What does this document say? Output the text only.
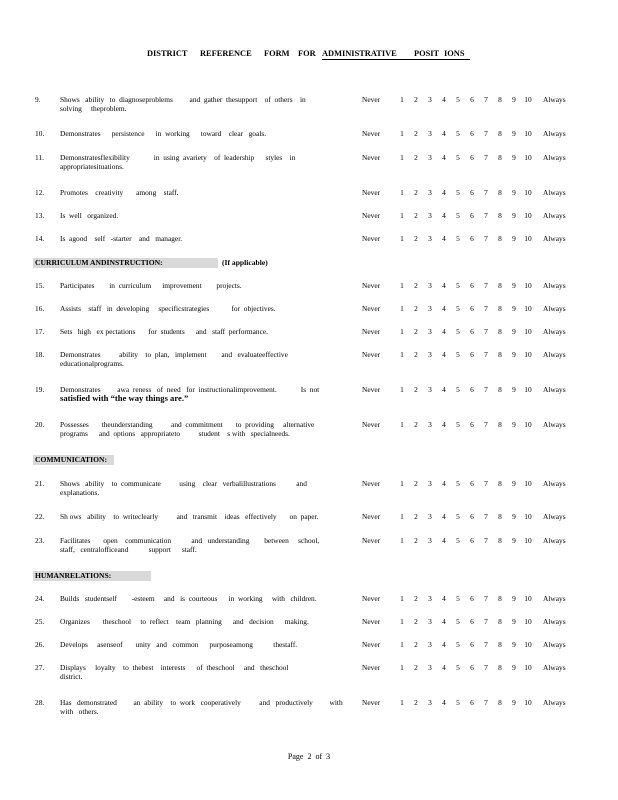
DISTRICT REFERENCE FORM FOR ADMINISTRATIVE POSIT IONS
9.	Shows   ability   to  diagnoseproblems         and  gather  thesupport    of  others    in
solving     theproblem.
Never	1	2	3	4	5	6	7	8	9	10 Always
10. Demonstrates      persistence      in  working      toward    clear   goals.	Never	1	2	3	4	5	6	7	8	9	10 Always
11. Demonstratesflexibility             in  using  avariety    of  leadership      styles    in
appropriatesituations.
Never	1	2	3	4	5	6	7	8	9	10 Always
12. Promotes    creativity       among    staff.	Never	1	2	3	4	5	6	7	8	9	10 Always
13. Is  well   organized.	Never	1	2	3	4	5	6	7	8	9	10 Always
14. Is  agood    self   -starter    and   manager.	Never	1	2	3	4	5	6	7	8	9	10 Always
15. Participates        in  curriculum      improvement        projects.	Never	1	2	3	4	5	6	7	8	9	10 Always
16. Assists    staff   in  developing     specificstrategies            for  objectives.	Never	1	2	3	4	5	6	7	8	9	10 Always
17. Sets   high   ex pectations       for  students      and   staff  performance.	Never	1	2	3	4	5	6	7	8	9	10 Always
18. Demonstrates          ability    to  plan,   implement        and   evaluateeffective
educationalprograms.
Never	1	2	3	4	5	6	7	8	9	10 Always
19. Demonstrates         awa  reness   of  need   for  instructionalimprovement.             Is  not
satisfied with “the way things are.”
Never	1	2	3	4	5	6	7	8	9	10 Always
20. Possesses       theunderstanding          and  commitment       to  providing     alternative
programs      and  options   appropriateto          student    s with   specialneeds.
Never	1	2	3	4	5	6	7	8	9	10 Always
21. Shows   ability    to  communicate          using    clear   verbalillustrations           and
explanations.
Never	1	2	3	4	5	6	7	8	9	10 Always
22. Sh ows   ability    to  writeclearly          and   transmit    ideas   effectively       on  paper.	Never	1	2	3	4	5	6	7	8	9	10 Always
23. Facilitates       open    communication           and   understanding        between     school,
staff,   centralofficeand           support      staff.
Never	1	2	3	4	5	6	7	8	9	10 Always
24. Builds   studentself        -esteem     and   is  courteous      in  working     with   children.	Never	1	2	3	4	5	6	7	8	9	10 Always
25. Organizes       theschool     to  reflect    team   planning      and   decision      making.	Never	1	2	3	4	5	6	7	8	9	10 Always
26. Develops     asenseof       unity   and   common      purposeamong           thestaff.	Never	1	2	3	4	5	6	7	8	9	10 Always
27. Displays     loyalty    to  thebest    interests      of  theschool     and   theschool
district.
Never	1	2	3	4	5	6	7	8	9	10 Always
28. Has   demonstrated         an  ability    to  work   cooperatively          and   productively         with
with   others.
Never	1	2	3	4	5	6	7	8	9	10 Always
CURRICULUM ANDINSTRUCTION:	(If applicable)
COMMUNICATION:
HUMANRELATIONS:
Page 2 of 3
